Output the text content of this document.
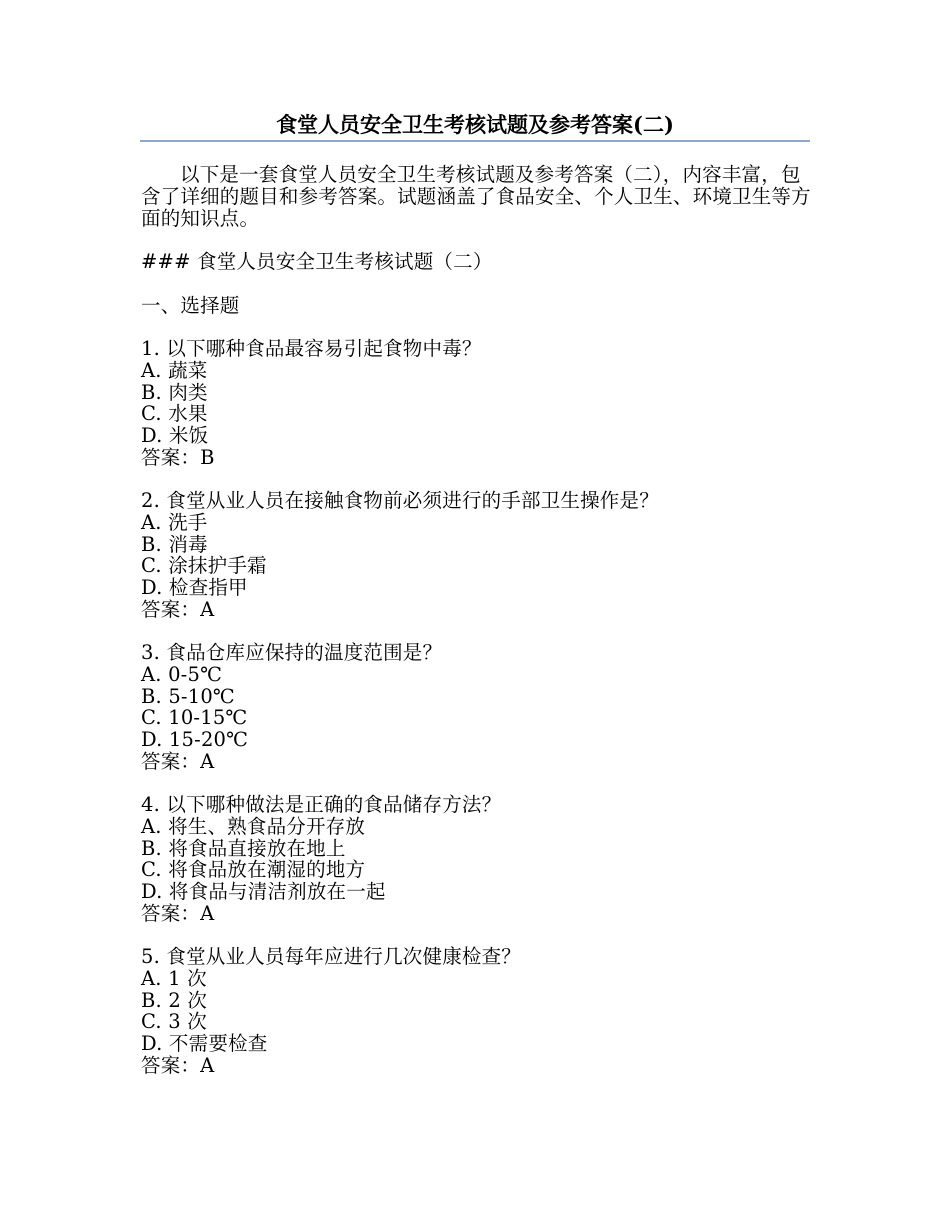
食堂人员安全卫生考核试题及参考答案(二)

以下是一套食堂人员安全卫生考核试题及参考答案（二），内容丰富，包含了详细的题目和参考答案。试题涵盖了食品安全、个人卫生、环境卫生等方面的知识点。

### 食堂人员安全卫生考核试题（二）

一、选择题

1. 以下哪种食品最容易引起食物中毒？
A. 蔬菜
B. 肉类
C. 水果
D. 米饭
答案：B
2. 食堂从业人员在接触食物前必须进行的手部卫生操作是？
A. 洗手
B. 消毒
C. 涂抹护手霜
D. 检查指甲
答案：A
3. 食品仓库应保持的温度范围是？
A. 0-5℃
B. 5-10℃
C. 10-15℃
D. 15-20℃
答案：A
4. 以下哪种做法是正确的食品储存方法？
A. 将生、熟食品分开存放
B. 将食品直接放在地上
C. 将食品放在潮湿的地方
D. 将食品与清洁剂放在一起
答案：A
5. 食堂从业人员每年应进行几次健康检查？
A. 1 次
B. 2 次
C. 3 次
D. 不需要检查
答案：A
